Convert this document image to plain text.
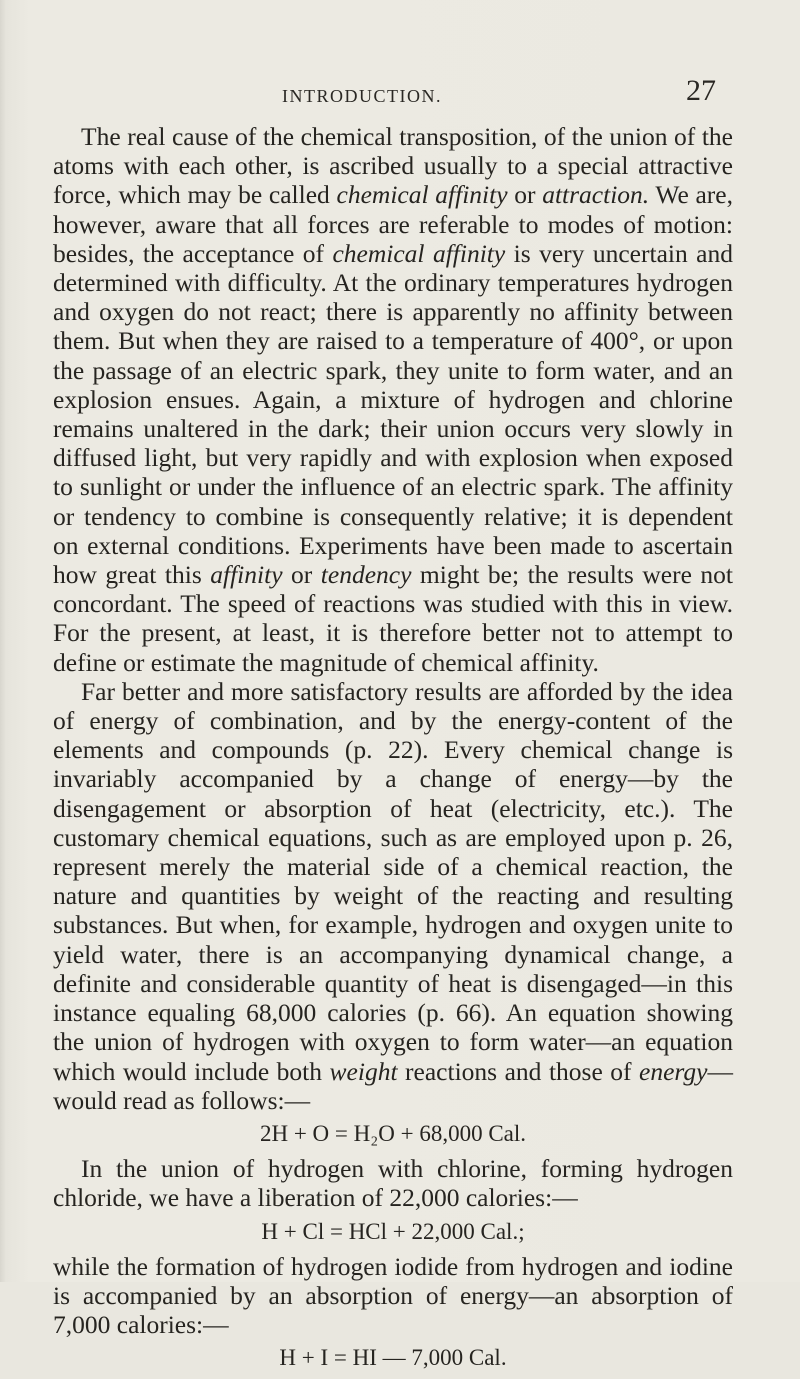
INTRODUCTION.	27

The real cause of the chemical transposition, of the union of the atoms with each other, is ascribed usually to a special attractive force, which may be called chemical affinity or attraction. We are, however, aware that all forces are referable to modes of motion: besides, the acceptance of chemical affinity is very uncertain and determined with difficulty. At the ordinary temperatures hydrogen and oxygen do not react; there is apparently no affinity between them. But when they are raised to a temperature of 400°, or upon the passage of an electric spark, they unite to form water, and an explosion ensues. Again, a mixture of hydrogen and chlorine remains unaltered in the dark; their union occurs very slowly in diffused light, but very rapidly and with explosion when exposed to sunlight or under the influence of an electric spark. The affinity or tendency to combine is consequently relative; it is dependent on external conditions. Experiments have been made to ascertain how great this affinity or tendency might be; the results were not concordant. The speed of reactions was studied with this in view. For the present, at least, it is therefore better not to attempt to define or estimate the magnitude of chemical affinity.

Far better and more satisfactory results are afforded by the idea of energy of combination, and by the energy-content of the elements and compounds (p. 22). Every chemical change is invariably accompanied by a change of energy—by the disengagement or absorption of heat (electricity, etc.). The customary chemical equations, such as are employed upon p. 26, represent merely the material side of a chemical reaction, the nature and quantities by weight of the reacting and resulting substances. But when, for example, hydrogen and oxygen unite to yield water, there is an accompanying dynamical change, a definite and considerable quantity of heat is disengaged—in this instance equaling 68,000 calories (p. 66). An equation showing the union of hydrogen with oxygen to form water—an equation which would include both weight reactions and those of energy—would read as follows:—

2H + O = H₂O + 68,000 Cal.

In the union of hydrogen with chlorine, forming hydrogen chloride, we have a liberation of 22,000 calories:—

H + Cl = HCl + 22,000 Cal.;

while the formation of hydrogen iodide from hydrogen and iodine is accompanied by an absorption of energy—an absorption of 7,000 calories:—

H + I = HI — 7,000 Cal.
